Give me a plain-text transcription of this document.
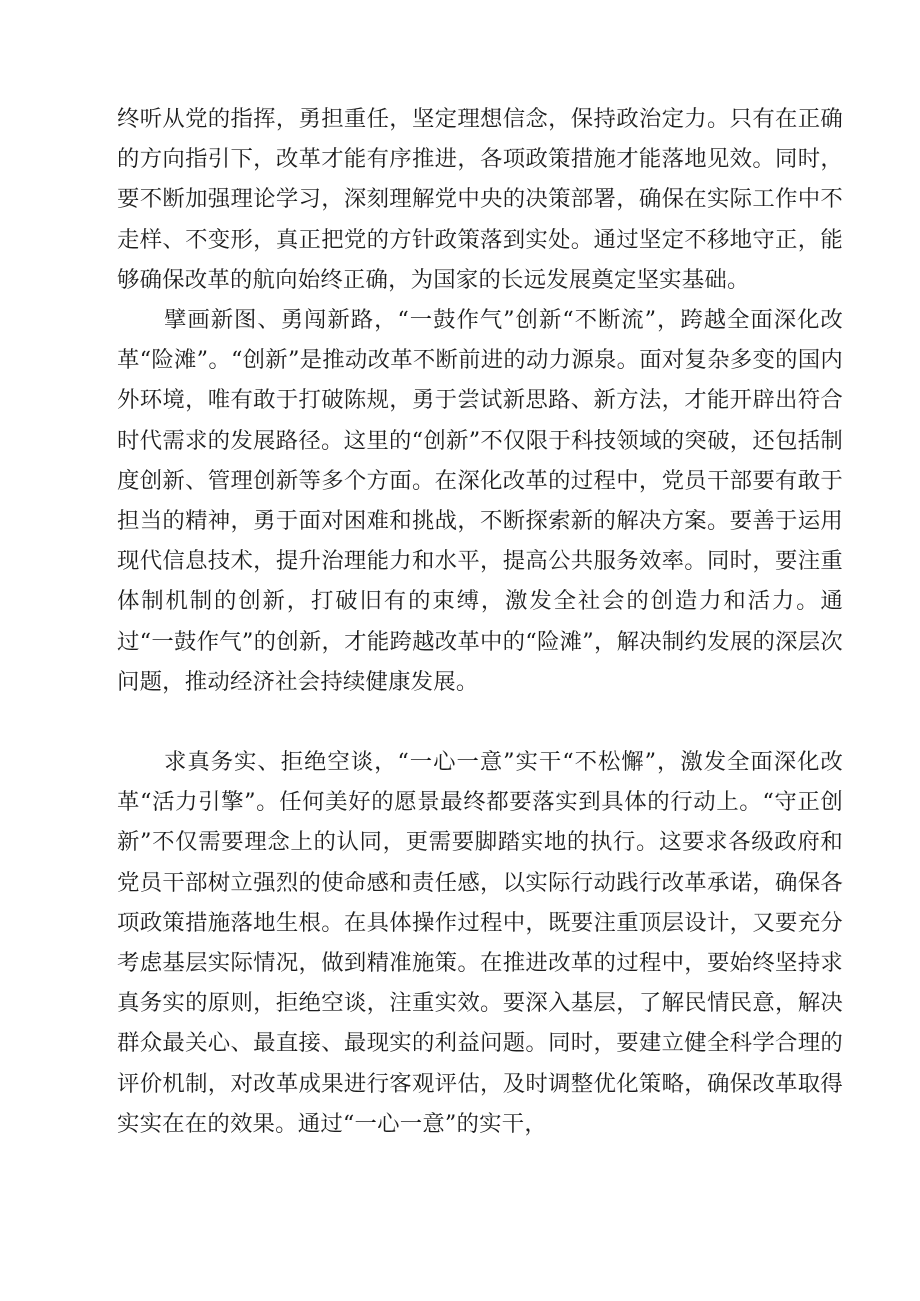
终听从党的指挥，勇担重任，坚定理想信念，保持政治定力。只有在正确的方向指引下，改革才能有序推进，各项政策措施才能落地见效。同时，要不断加强理论学习，深刻理解党中央的决策部署，确保在实际工作中不走样、不变形，真正把党的方针政策落到实处。通过坚定不移地守正，能够确保改革的航向始终正确，为国家的长远发展奠定坚实基础。

擘画新图、勇闯新路，“一鼓作气”创新“不断流”，跨越全面深化改革“险滩”。“创新”是推动改革不断前进的动力源泉。面对复杂多变的国内外环境，唯有敢于打破陈规，勇于尝试新思路、新方法，才能开辟出符合时代需求的发展路径。这里的“创新”不仅限于科技领域的突破，还包括制度创新、管理创新等多个方面。在深化改革的过程中，党员干部要有敢于担当的精神，勇于面对困难和挑战，不断探索新的解决方案。要善于运用现代信息技术，提升治理能力和水平，提高公共服务效率。同时，要注重体制机制的创新，打破旧有的束缚，激发全社会的创造力和活力。通过“一鼓作气”的创新，才能跨越改革中的“险滩”，解决制约发展的深层次问题，推动经济社会持续健康发展。

求真务实、拒绝空谈，“一心一意”实干“不松懈”，激发全面深化改革“活力引擎”。任何美好的愿景最终都要落实到具体的行动上。“守正创新”不仅需要理念上的认同，更需要脚踏实地的执行。这要求各级政府和党员干部树立强烈的使命感和责任感，以实际行动践行改革承诺，确保各项政策措施落地生根。在具体操作过程中，既要注重顶层设计，又要充分考虑基层实际情况，做到精准施策。在推进改革的过程中，要始终坚持求真务实的原则，拒绝空谈，注重实效。要深入基层，了解民情民意，解决群众最关心、最直接、最现实的利益问题。同时，要建立健全科学合理的评价机制，对改革成果进行客观评估，及时调整优化策略，确保改革取得实实在在的效果。通过“一心一意”的实干，
